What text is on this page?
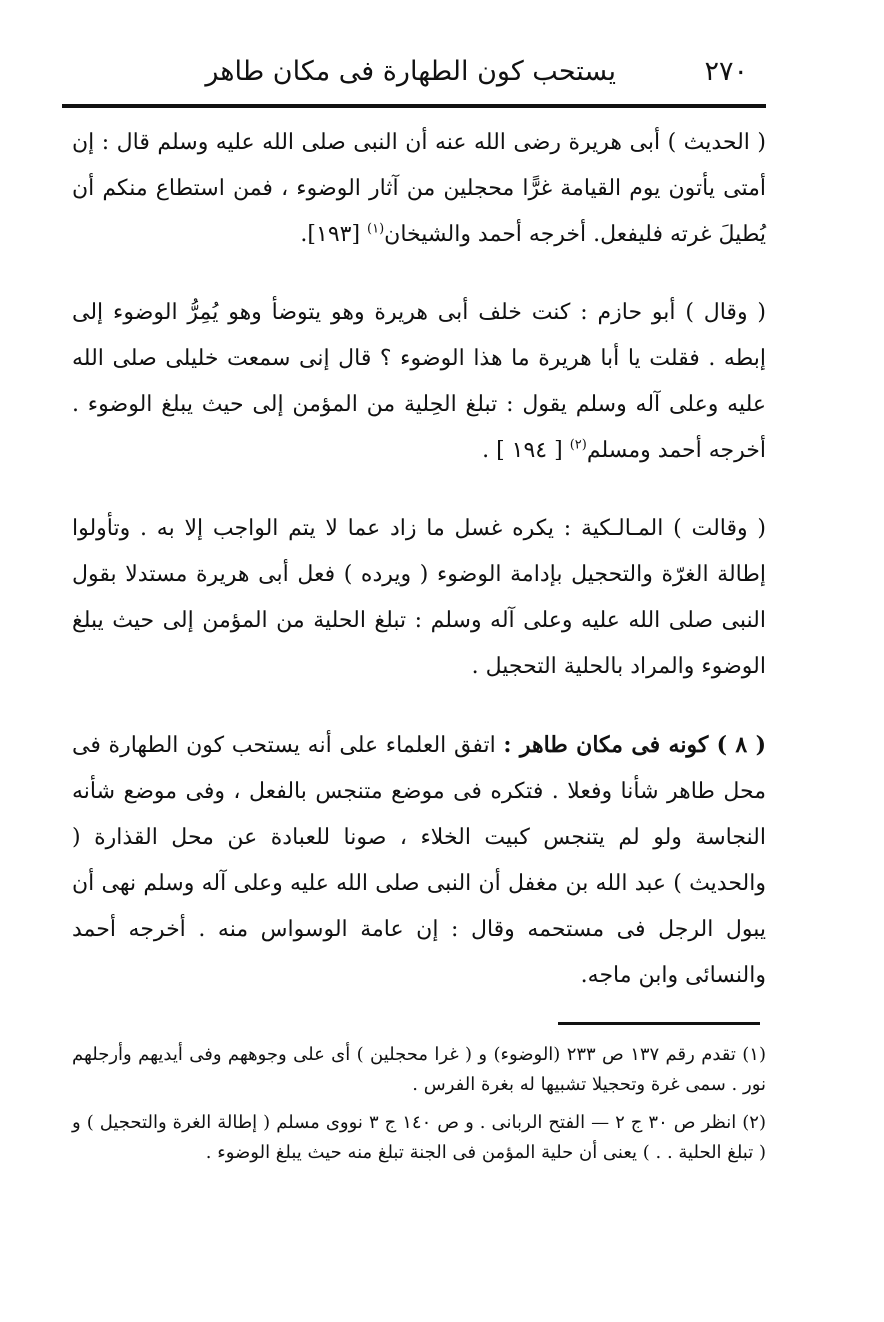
٢٧٠
يستحب كون الطهارة فى مكان طاهر

( الحديث ) أبى هريرة رضى الله عنه أن النبى صلى الله عليه وسلم قال : إن أمتى يأتون يوم القيامة غرًّا محجلين من آثار الوضوء ، فمن استطاع منكم أن يُطيلَ غرته فليفعل. أخرجه أحمد والشيخان$^{(١)}$ [١٩٣].

( وقال ) أبو حازم : كنت خلف أبى هريرة وهو يتوضأ وهو يُمِرُّ الوضوء إلى إبطه . فقلت يا أبا هريرة ما هذا الوضوء ؟ قال إنى سمعت خليلى صلى الله عليه وعلى آله وسلم يقول : تبلغ الحِلية من المؤمن إلى حيث يبلغ الوضوء . أخرجه أحمد ومسلم$^{(٢)}$ [ ١٩٤ ] .

( وقالت ) المـالـكية : يكره غسل ما زاد عما لا يتم الواجب إلا به . وتأولوا إطالة الغرّة والتحجيل بإدامة الوضوء ( ويرده ) فعل أبى هريرة مستدلا بقول النبى صلى الله عليه وعلى آله وسلم : تبلغ الحلية من المؤمن إلى حيث يبلغ الوضوء والمراد بالحلية التحجيل .

( ٨ ) كونه فى مكان طاهر : اتفق العلماء على أنه يستحب كون الطهارة فى محل طاهر شأنا وفعلا . فتكره فى موضع متنجس بالفعل ، وفى موضع شأنه النجاسة ولو لم يتنجس كبيت الخلاء ، صونا للعبادة عن محل القذارة ( والحديث ) عبد الله بن مغفل أن النبى صلى الله عليه وعلى آله وسلم نهى أن يبول الرجل فى مستحمه وقال : إن عامة الوسواس منه . أخرجه أحمد والنسائى وابن ماجه.

(١) تقدم رقم ١٣٧ ص ٢٣٣ (الوضوء) و ( غرا محجلين ) أى على وجوههم وفى أيديهم وأرجلهم نور . سمى غرة وتحجيلا تشبيها له بغرة الفرس .

(٢) انظر ص ٣٠ ج ٢ — الفتح الربانى . و ص ١٤٠ ج ٣ نووى مسلم ( إطالة الغرة والتحجيل ) و ( تبلغ الحلية . . ) يعنى أن حلية المؤمن فى الجنة تبلغ منه حيث يبلغ الوضوء .
